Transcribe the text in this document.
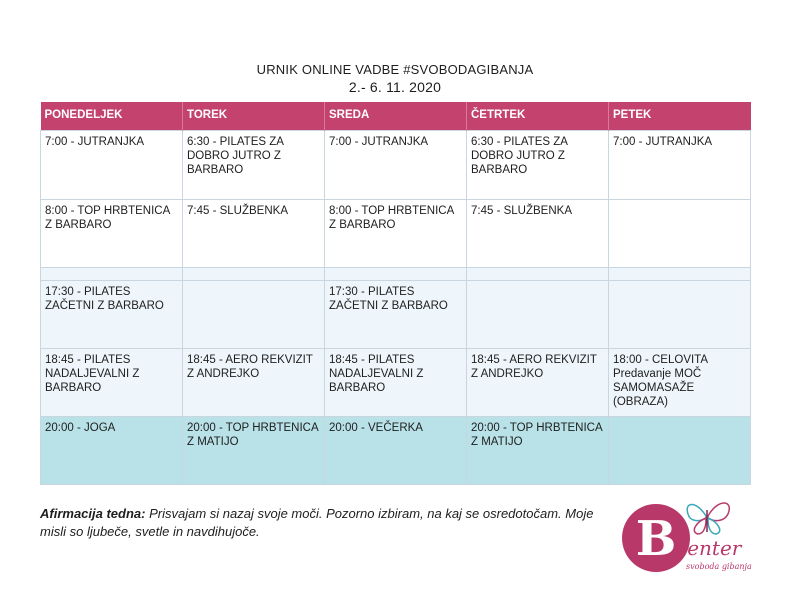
URNIK ONLINE VADBE #SVOBODAGIBANJA
2.- 6. 11. 2020
PONEDELJEK	TOREK	SREDA	ČETRTEK	PETEK
7:00 - JUTRANJKA	6:30 - PILATES ZA DOBRO JUTRO Z BARBARO	7:00 - JUTRANJKA	6:30 - PILATES ZA DOBRO JUTRO Z BARBARO	7:00 - JUTRANJKA
8:00 - TOP HRBTENICA Z BARBARO	7:45 - SLUŽBENKA	8:00 - TOP HRBTENICA Z BARBARO	7:45 - SLUŽBENKA	

17:30 - PILATES ZAČETNI Z BARBARO		17:30 - PILATES ZAČETNI Z BARBARO		
18:45 - PILATES NADALJEVALNI Z BARBARO	18:45 - AERO REKVIZIT Z ANDREJKO	18:45 - PILATES NADALJEVALNI Z BARBARO	18:45 - AERO REKVIZIT Z ANDREJKO	18:00 - CELOVITA Predavanje MOČ SAMOMASAŽE (OBRAZA)
20:00 - JOGA	20:00 - TOP HRBTENICA Z MATIJO	20:00 - VEČERKA	20:00 - TOP HRBTENICA Z MATIJO	
Afirmacija tedna: Prisvajam si nazaj svoje moči. Pozorno izbiram, na kaj se osredotočam. Moje misli so ljubeče, svetle in navdihujoče.	B center
svoboda gibanja
